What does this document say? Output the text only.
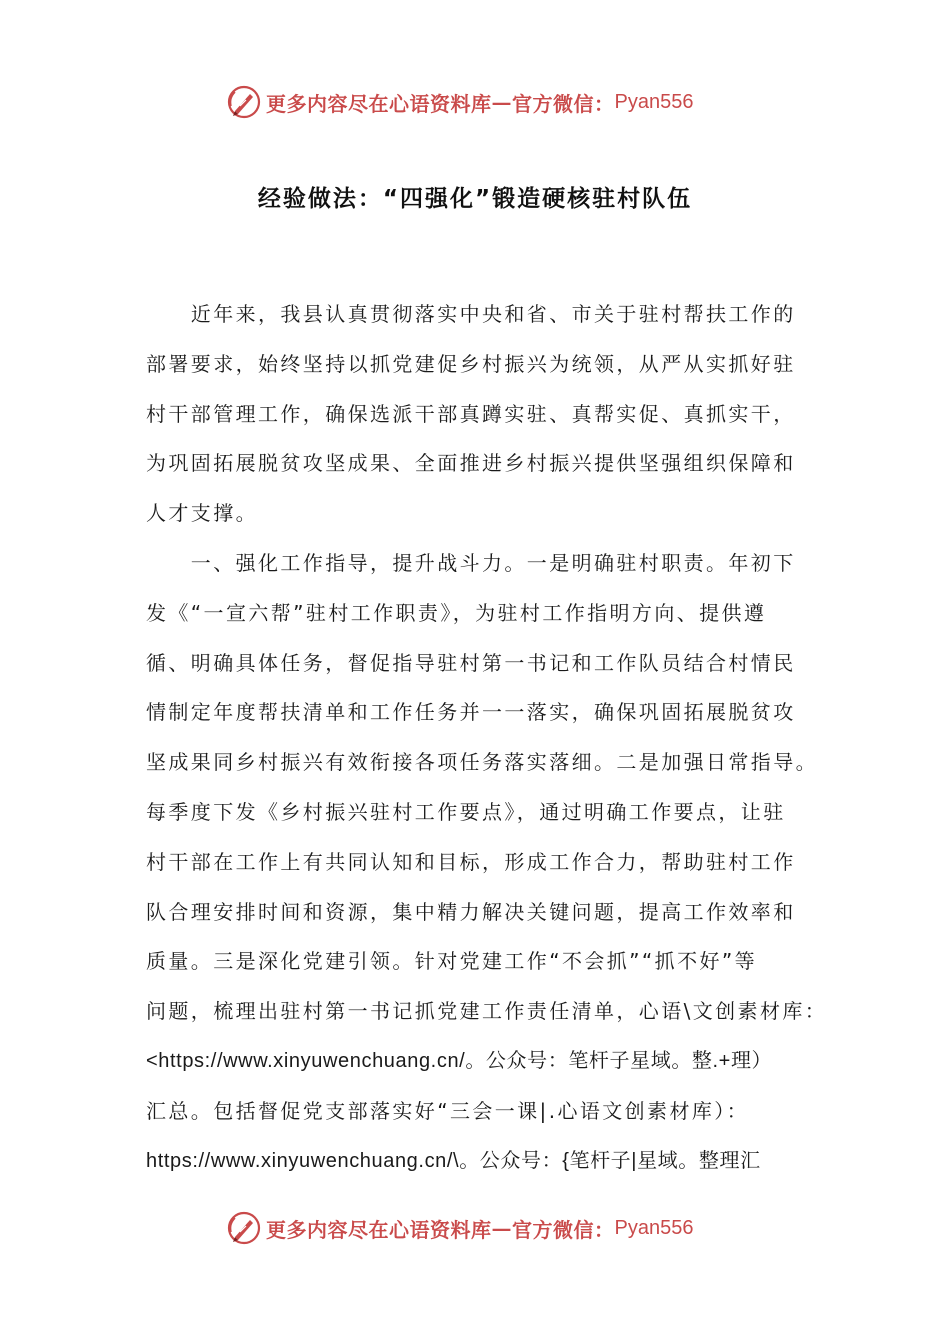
更多内容尽在心语资料库 — 官方微信： Pyan556
经验做法：“四强化”锻造硬核驻村队伍
　　近年来，我县认真贯彻落实中央和省、市关于驻村帮扶工作的
部署要求，始终坚持以抓党建促乡村振兴为统领，从严从实抓好驻
村干部管理工作，确保选派干部真蹲实驻、真帮实促、真抓实干，
为巩固拓展脱贫攻坚成果、全面推进乡村振兴提供坚强组织保障和
人才支撑。
　　一、强化工作指导，提升战斗力。一是明确驻村职责。年初下
发《“一宣六帮”驻村工作职责》，为驻村工作指明方向、提供遵
循、明确具体任务，督促指导驻村第一书记和工作队员结合村情民
情制定年度帮扶清单和工作任务并一一落实，确保巩固拓展脱贫攻
坚成果同乡村振兴有效衔接各项任务落实落细。二是加强日常指导。
每季度下发《乡村振兴驻村工作要点》，通过明确工作要点，让驻
村干部在工作上有共同认知和目标，形成工作合力，帮助驻村工作
队合理安排时间和资源，集中精力解决关键问题，提高工作效率和
质量。三是深化党建引领。针对党建工作“不会抓”“抓不好”等
问题，梳理出驻村第一书记抓党建工作责任清单，心语\文创素材库：
<https://www.xinyuwenchuang.cn/。公众号：笔杆子星域。整.+理）
汇总。包括督促党支部落实好“三会一课|.心语文创素材库）：
https://www.xinyuwenchuang.cn/\。公众号：{笔杆子|星域。整理汇
更多内容尽在心语资料库 — 官方微信： Pyan556
